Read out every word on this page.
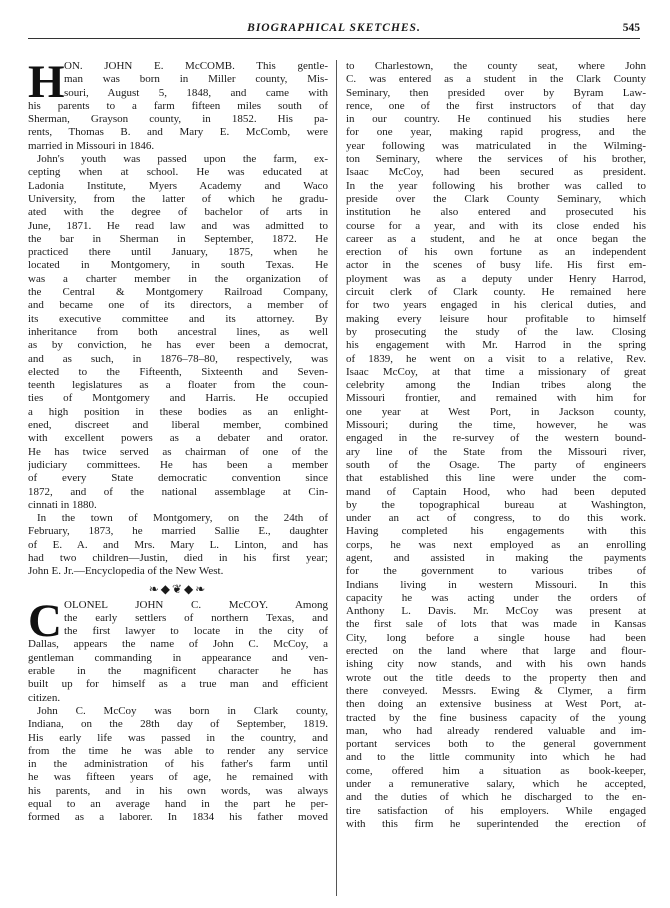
BIOGRAPHICAL SKETCHES.	545
H ON. JOHN E. McCOMB. This gentle-
man was born in Miller county, Mis-
souri, August 5, 1848, and came with
his parents to a farm fifteen miles south of
Sherman, Grayson county, in 1852. His pa-
rents, Thomas B. and Mary E. McComb, were
married in Missouri in 1846.
John's youth was passed upon the farm, ex-
cepting when at school. He was educated at
Ladonia Institute, Myers Academy and Waco
University, from the latter of which he gradu-
ated with the degree of bachelor of arts in
June, 1871. He read law and was admitted to
the bar in Sherman in September, 1872. He
practiced there until January, 1875, when he
located in Montgomery, in south Texas. He
was a charter member in the organization of
the Central & Montgomery Railroad Company,
and became one of its directors, a member of
its executive committee and its attorney. By
inheritance from both ancestral lines, as well
as by conviction, he has ever been a democrat,
and as such, in 1876–78–80, respectively, was
elected to the Fifteenth, Sixteenth and Seven-
teenth legislatures as a floater from the coun-
ties of Montgomery and Harris. He occupied
a high position in these bodies as an enlight-
ened, discreet and liberal member, combined
with excellent powers as a debater and orator.
He has twice served as chairman of one of the
judiciary committees. He has been a member
of every State democratic convention since
1872, and of the national assemblage at Cin-
cinnati in 1880.
In the town of Montgomery, on the 24th of
February, 1873, he married Sallie E., daughter
of E. A. and Mrs. Mary L. Linton, and has
had two children—Justin, died in his first year;
John E. Jr.—Encyclopedia of the New West.
❧◆❦◆❧
C OLONEL JOHN C. McCOY. Among
the early settlers of northern Texas, and
the first lawyer to locate in the city of
Dallas, appears the name of John C. McCoy, a
gentleman commanding in appearance and ven-
erable in the magnificent character he has
built up for himself as a true man and efficient
citizen.
John C. McCoy was born in Clark county,
Indiana, on the 28th day of September, 1819.
His early life was passed in the country, and
from the time he was able to render any service
in the administration of his father's farm until
he was fifteen years of age, he remained with
his parents, and in his own words, was always
equal to an average hand in the part he per-
formed as a laborer. In 1834 his father moved
to Charlestown, the county seat, where John
C. was entered as a student in the Clark County
Seminary, then presided over by Byram Law-
rence, one of the first instructors of that day
in our country. He continued his studies here
for one year, making rapid progress, and the
year following was matriculated in the Wilming-
ton Seminary, where the services of his brother,
Isaac McCoy, had been secured as president.
In the year following his brother was called to
preside over the Clark County Seminary, which
institution he also entered and prosecuted his
course for a year, and with its close ended his
career as a student, and he at once began the
erection of his own fortune as an independent
actor in the scenes of busy life. His first em-
ployment was as a deputy under Henry Harrod,
circuit clerk of Clark county. He remained here
for two years engaged in his clerical duties, and
making every leisure hour profitable to himself
by prosecuting the study of the law. Closing
his engagement with Mr. Harrod in the spring
of 1839, he went on a visit to a relative, Rev.
Isaac McCoy, at that time a missionary of great
celebrity among the Indian tribes along the
Missouri frontier, and remained with him for
one year at West Port, in Jackson county,
Missouri; during the time, however, he was
engaged in the re-survey of the western bound-
ary line of the State from the Missouri river,
south of the Osage. The party of engineers
that established this line were under the com-
mand of Captain Hood, who had been deputed
by the topographical bureau at Washington,
under an act of congress, to do this work.
Having completed his engagements with this
corps, he was next employed as an enrolling
agent, and assisted in making the payments
for the government to various tribes of
Indians living in western Missouri. In this
capacity he was acting under the orders of
Anthony L. Davis. Mr. McCoy was present at
the first sale of lots that was made in Kansas
City, long before a single house had been
erected on the land where that large and flour-
ishing city now stands, and with his own hands
wrote out the title deeds to the property then and
there conveyed. Messrs. Ewing & Clymer, a firm
then doing an extensive business at West Port, at-
tracted by the fine business capacity of the young
man, who had already rendered valuable and im-
portant services both to the general government
and to the little community into which he had
come, offered him a situation as book-keeper,
under a remunerative salary, which he accepted,
and the duties of which he discharged to the en-
tire satisfaction of his employers. While engaged
with this firm he superintended the erection of
